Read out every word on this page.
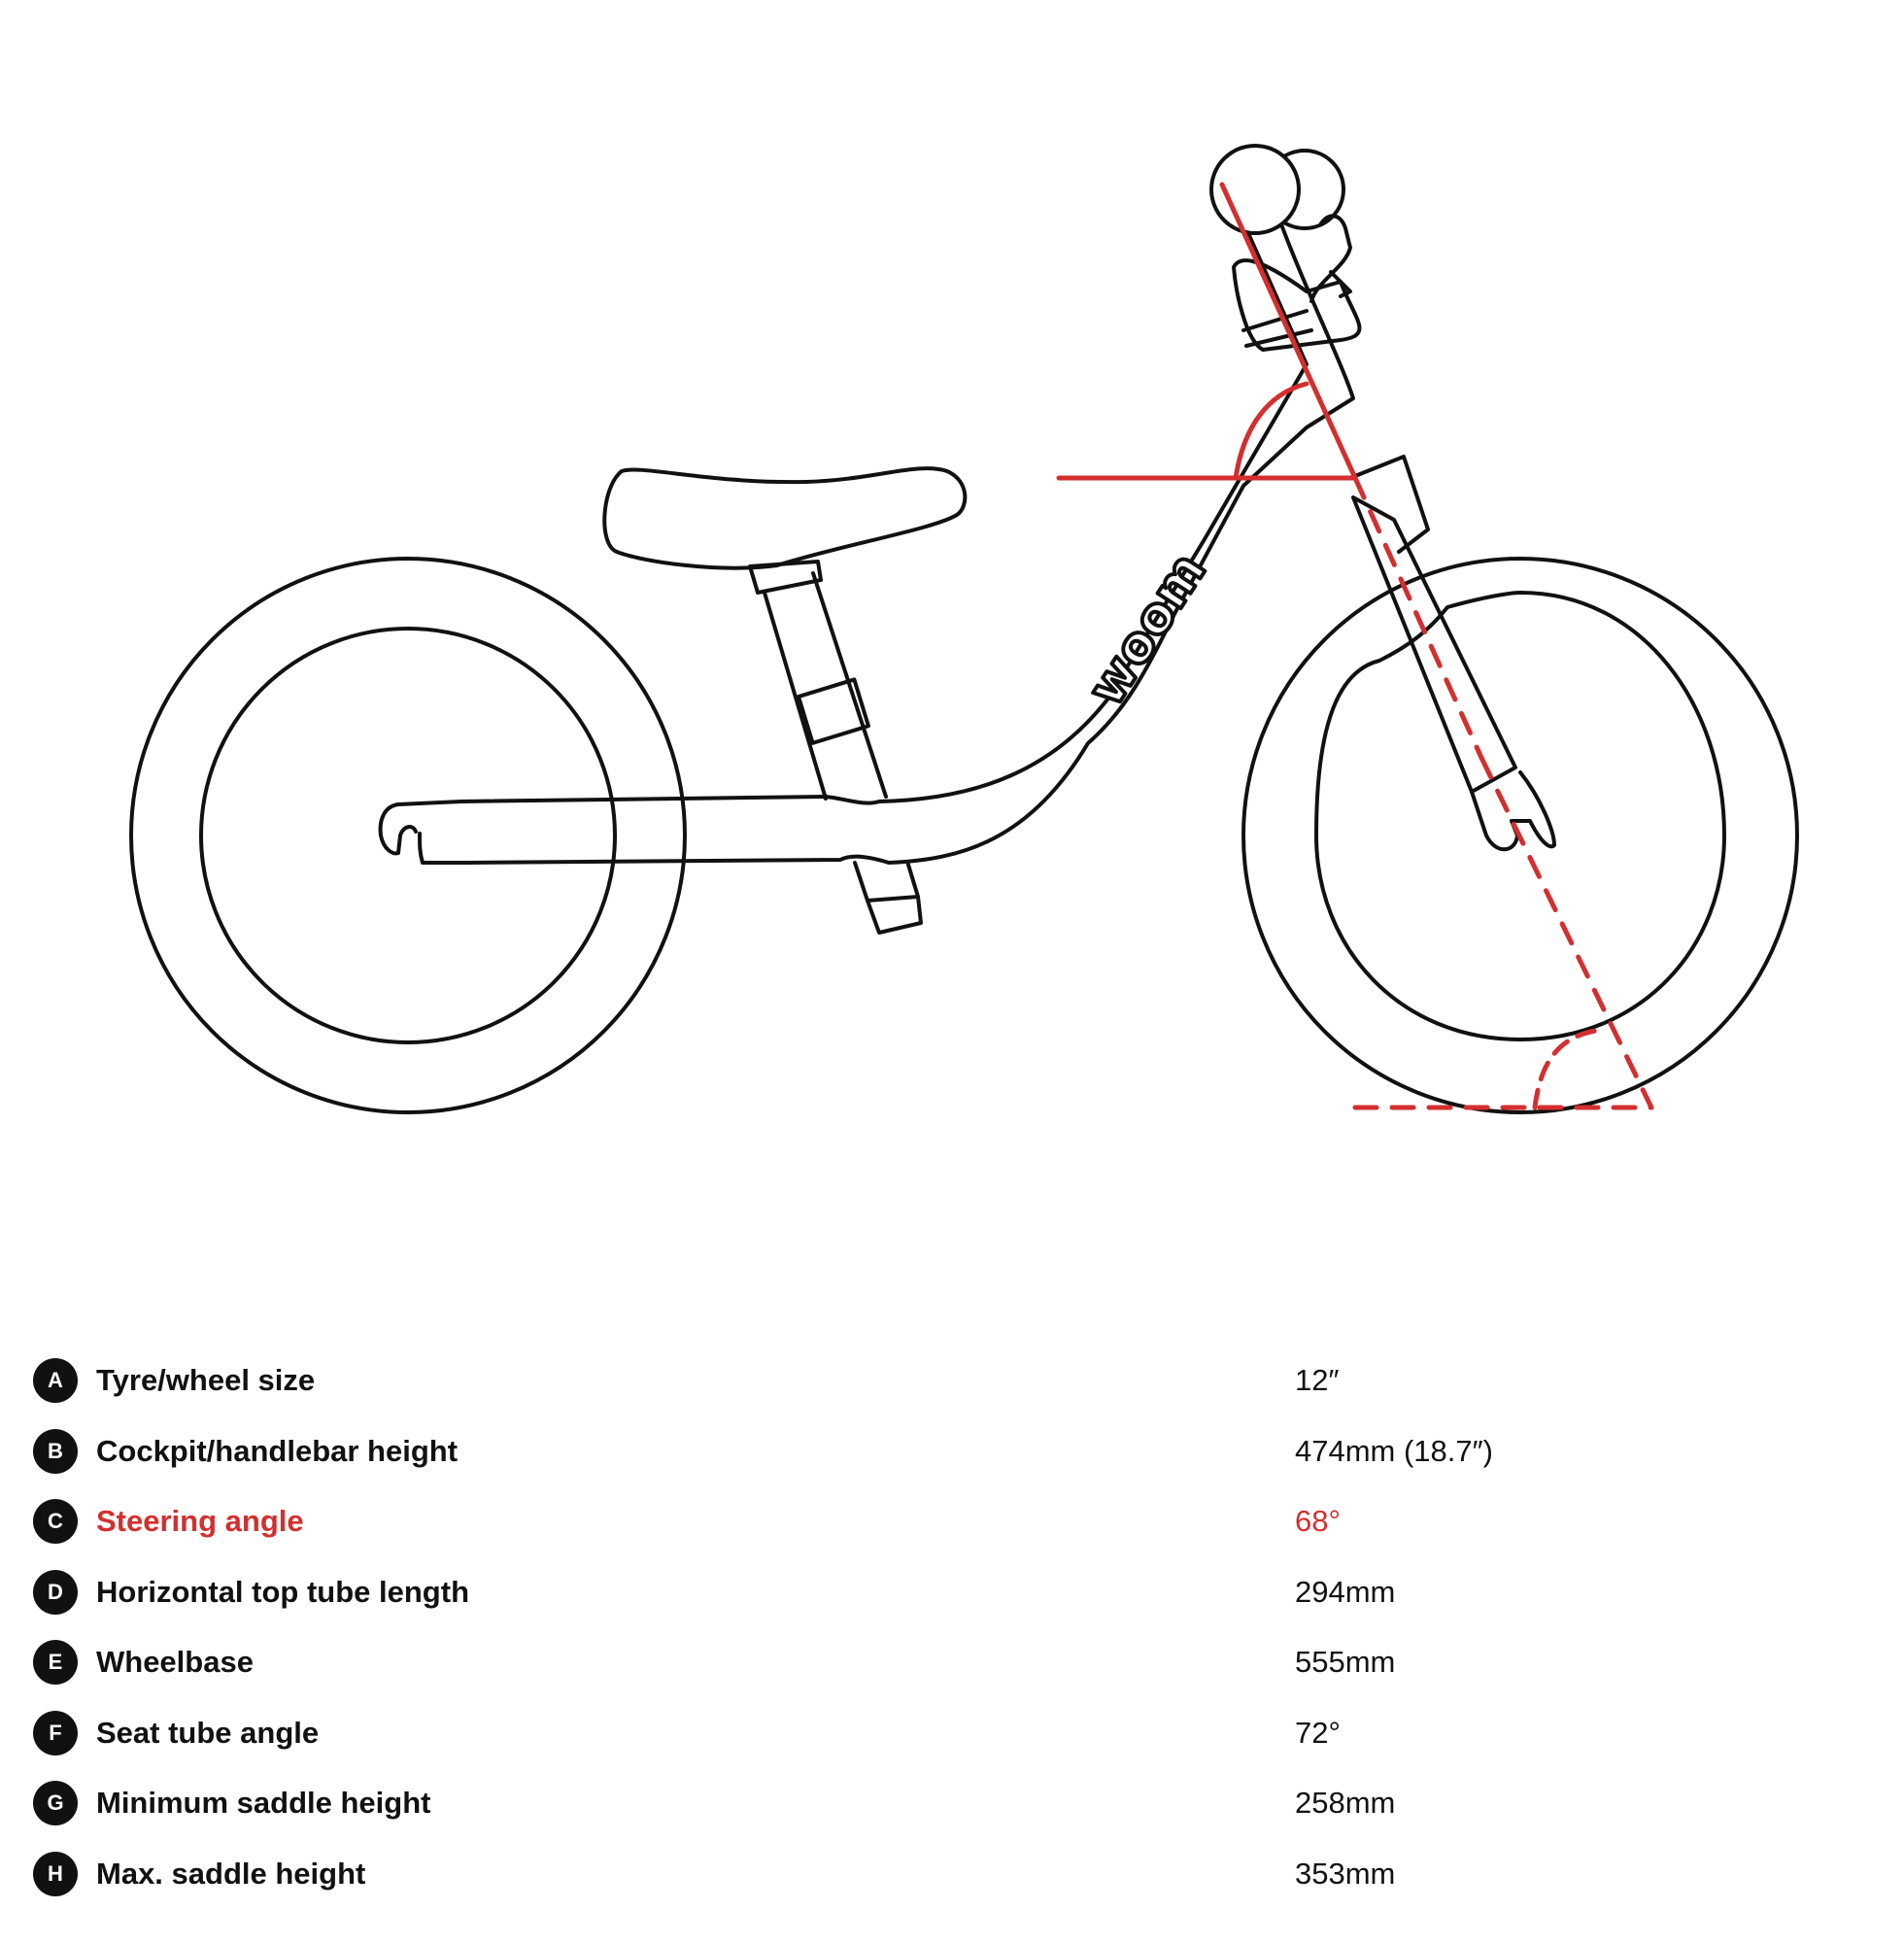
woom
A	Tyre/wheel size	12″
B	Cockpit/handlebar height	474mm (18.7″)
C	Steering angle	68°
D	Horizontal top tube length	294mm
E	Wheelbase	555mm
F	Seat tube angle	72°
G	Minimum saddle height	258mm
H	Max. saddle height	353mm
